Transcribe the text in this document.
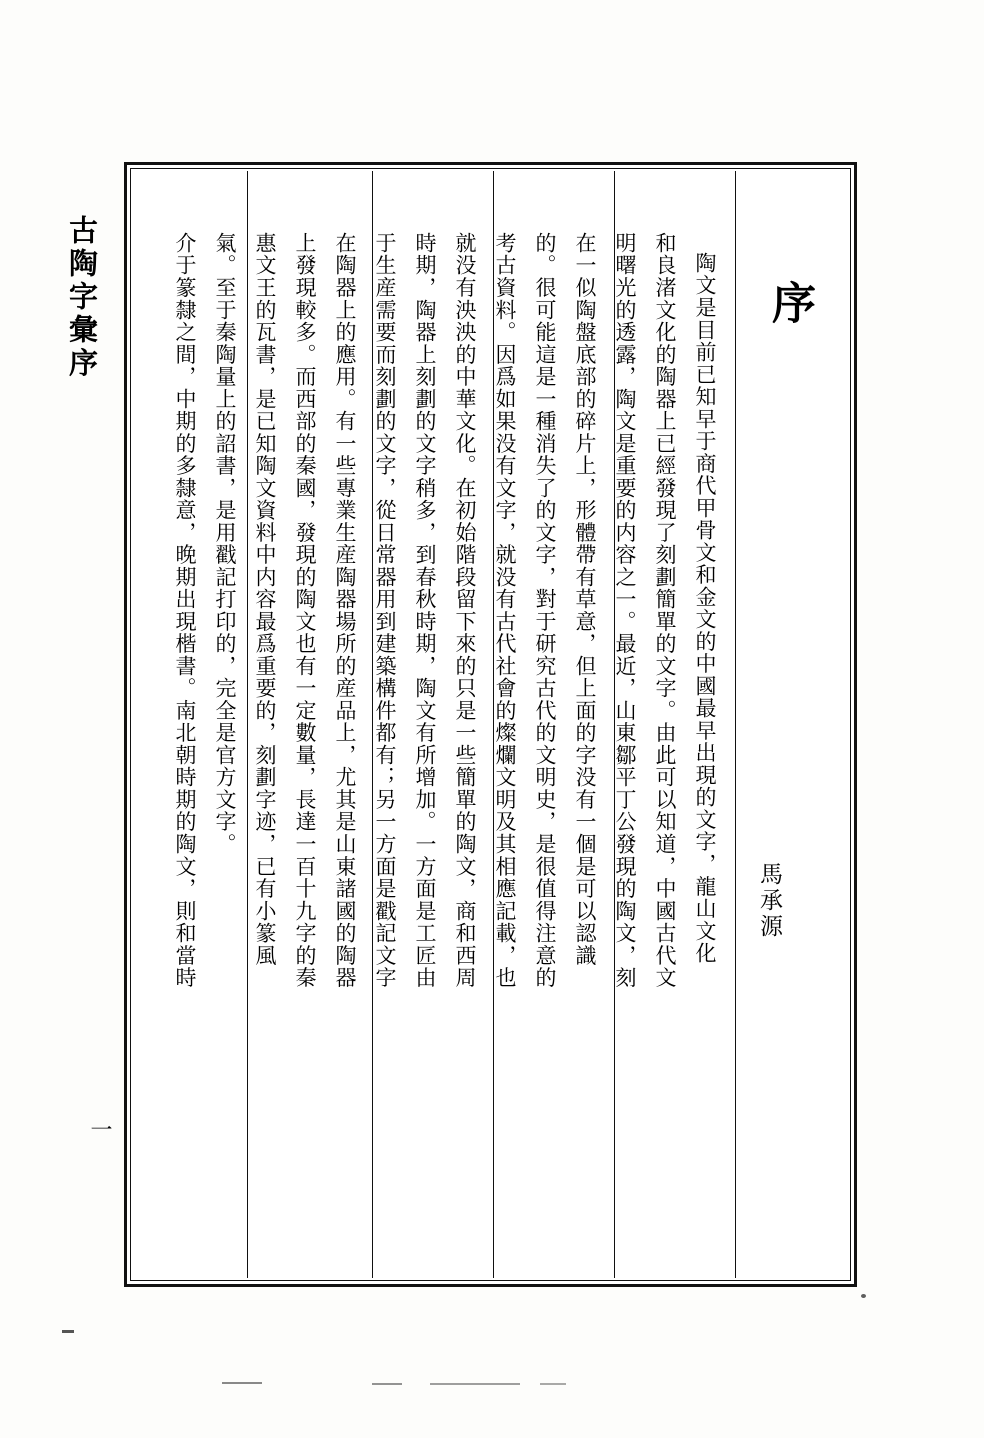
古陶字彙序
一
序
馬承源
陶文是目前已知早于商代甲骨文和金文的中國最早出現的文字，龍山文化
和良渚文化的陶器上已經發現了刻劃簡單的文字。由此可以知道，中國古代文
明曙光的透露，陶文是重要的内容之一。最近，山東鄒平丁公發現的陶文，刻
在一似陶盤底部的碎片上，形體帶有草意，但上面的字没有一個是可以認識
的。很可能這是一種消失了的文字，對于研究古代的文明史，是很值得注意的
考古資料。因爲如果没有文字，就没有古代社會的燦爛文明及其相應記載，也
就没有泱泱的中華文化。在初始階段留下來的只是一些簡單的陶文，商和西周
時期，陶器上刻劃的文字稍多，到春秋時期，陶文有所增加。一方面是工匠由
于生産需要而刻劃的文字，從日常器用到建築構件都有；另一方面是戳記文字
在陶器上的應用。有一些專業生産陶器場所的産品上，尤其是山東諸國的陶器
上發現較多。而西部的秦國，發現的陶文也有一定數量，長達一百十九字的秦
惠文王的瓦書，是已知陶文資料中内容最爲重要的，刻劃字迹，已有小篆風
氣。至于秦陶量上的詔書，是用戳記打印的，完全是官方文字。
介于篆隸之間，中期的多隸意，晚期出現楷書。南北朝時期的陶文，則和當時
